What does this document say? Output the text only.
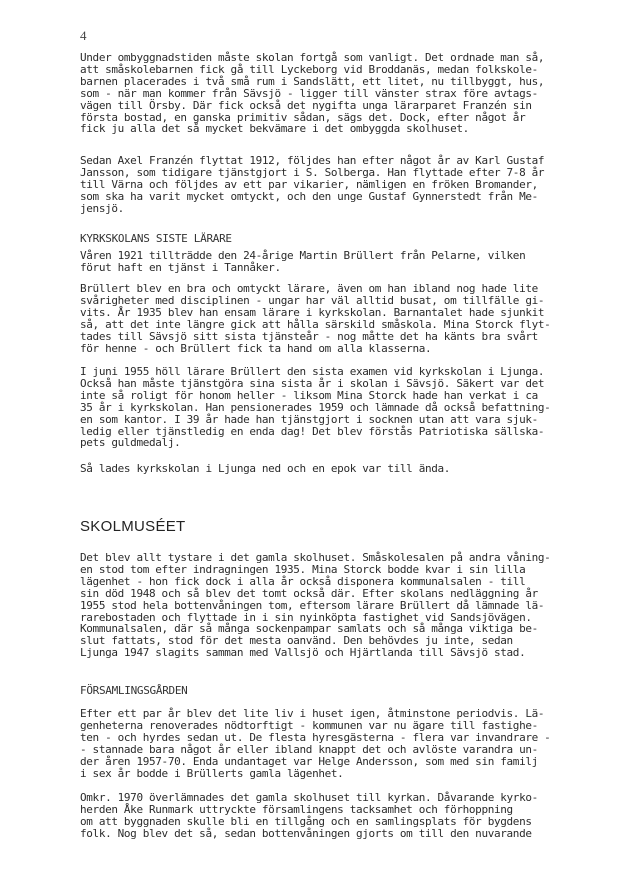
4
Under ombyggnadstiden måste skolan fortgå som vanligt. Det ordnade man så,
att småskolebarnen fick gå till Lyckeborg vid Broddanäs, medan folkskole-
barnen placerades i två små rum i Sandslätt, ett litet, nu tillbyggt, hus,
som - när man kommer från Sävsjö - ligger till vänster strax före avtags-
vägen till Örsby. Där fick också det nygifta unga lärarparet Franzén sin
första bostad, en ganska primitiv sådan, sägs det. Dock, efter något år
fick ju alla det så mycket bekvämare i det ombyggda skolhuset.
Sedan Axel Franzén flyttat 1912, följdes han efter något år av Karl Gustaf
Jansson, som tidigare tjänstgjort i S. Solberga. Han flyttade efter 7-8 år
till Värna och följdes av ett par vikarier, nämligen en fröken Bromander,
som ska ha varit mycket omtyckt, och den unge Gustaf Gynnerstedt från Me-
jensjö.
KYRKSKOLANS SISTE LÄRARE
Våren 1921 tillträdde den 24-årige Martin Brüllert från Pelarne, vilken
förut haft en tjänst i Tannåker.
Brüllert blev en bra och omtyckt lärare, även om han ibland nog hade lite
svårigheter med disciplinen - ungar har väl alltid busat, om tillfälle gi-
vits. År 1935 blev han ensam lärare i kyrkskolan. Barnantalet hade sjunkit
så, att det inte längre gick att hålla särskild småskola. Mina Storck flyt-
tades till Sävsjö sitt sista tjänsteår - nog måtte det ha känts bra svårt
för henne - och Brüllert fick ta hand om alla klasserna.
I juni 1955 höll lärare Brüllert den sista examen vid kyrkskolan i Ljunga.
Också han måste tjänstgöra sina sista år i skolan i Sävsjö. Säkert var det
inte så roligt för honom heller - liksom Mina Storck hade han verkat i ca
35 år i kyrkskolan. Han pensionerades 1959 och lämnade då också befattning-
en som kantor. I 39 år hade han tjänstgjort i socknen utan att vara sjuk-
ledig eller tjänstledig en enda dag! Det blev förstås Patriotiska sällska-
pets guldmedalj.
Så lades kyrkskolan i Ljunga ned och en epok var till ända.
SKOLMUSÉET
Det blev allt tystare i det gamla skolhuset. Småskolesalen på andra våning-
en stod tom efter indragningen 1935. Mina Storck bodde kvar i sin lilla
lägenhet - hon fick dock i alla år också disponera kommunalsalen - till
sin död 1948 och så blev det tomt också där. Efter skolans nedläggning år
1955 stod hela bottenvåningen tom, eftersom lärare Brüllert då lämnade lä-
rarebostaden och flyttade in i sin nyinköpta fastighet vid Sandsjövägen.
Kommunalsalen, där så många sockenpampar samlats och så många viktiga be-
slut fattats, stod för det mesta oanvänd. Den behövdes ju inte, sedan
Ljunga 1947 slagits samman med Vallsjö och Hjärtlanda till Sävsjö stad.
FÖRSAMLINGSGÅRDEN
Efter ett par år blev det lite liv i huset igen, åtminstone periodvis. Lä-
genheterna renoverades nödtorftigt - kommunen var nu ägare till fastighe-
ten - och hyrdes sedan ut. De flesta hyresgästerna - flera var invandrare -
- stannade bara något år eller ibland knappt det och avlöste varandra un-
der åren 1957-70. Enda undantaget var Helge Andersson, som med sin familj
i sex år bodde i Brüllerts gamla lägenhet.
Omkr. 1970 överlämnades det gamla skolhuset till kyrkan. Dåvarande kyrko-
herden Åke Runmark uttryckte församlingens tacksamhet och förhoppning
om att byggnaden skulle bli en tillgång och en samlingsplats för bygdens
folk. Nog blev det så, sedan bottenvåningen gjorts om till den nuvarande
